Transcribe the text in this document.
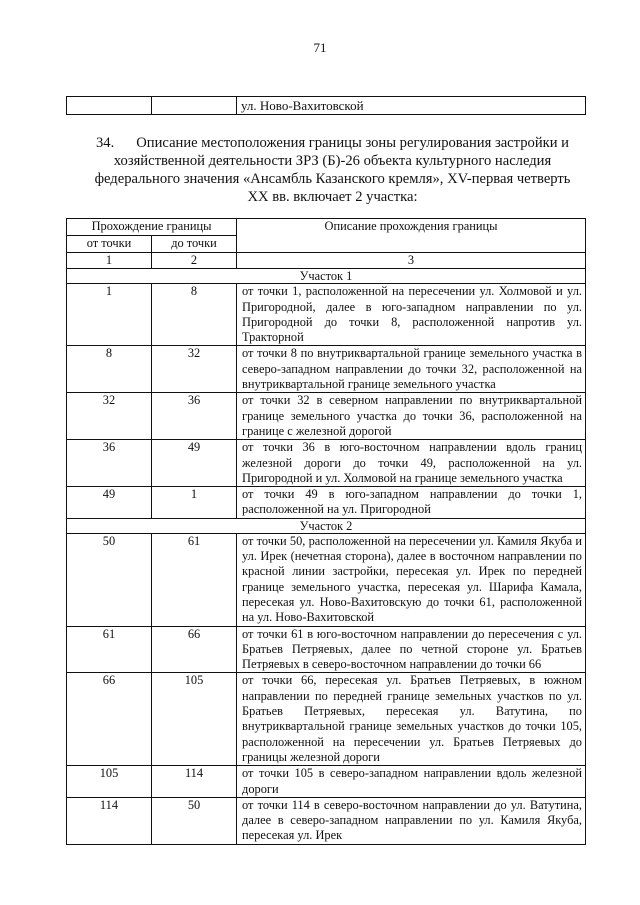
71
		ул. Ново-Вахитовской
34. Описание местоположения границы зоны регулирования застройки и
хозяйственной деятельности ЗРЗ (Б)-26 объекта культурного наследия
федерального значения «Ансамбль Казанского кремля», XV-первая четверть
XX вв. включает 2 участка:
Прохождение границы		Описание прохождения границы
от точки	до точки	
1	2	3
Участок 1		
1	8	от точки 1, расположенной на пересечении ул. Холмовой и ул. Пригородной, далее в юго-западном направлении по ул. Пригородной до точки 8, расположенной напротив ул. Тракторной
8	32	от точки 8 по внутриквартальной границе земельного участка в северо-западном направлении до точки 32, расположенной на внутриквартальной границе земельного участка
32	36	от точки 32 в северном направлении по внутриквартальной границе земельного участка до точки 36, расположенной на границе с железной дорогой
36	49	от точки 36 в юго-восточном направлении вдоль границ железной дороги до точки 49, расположенной на ул. Пригородной и ул. Холмовой на границе земельного участка
49	1	от точки 49 в юго-западном направлении до точки 1, расположенной на ул. Пригородной
Участок 2		
50	61	от точки 50, расположенной на пересечении ул. Камиля Якуба и ул. Ирек (нечетная сторона), далее в восточном направлении по красной линии застройки, пересекая ул. Ирек по передней границе земельного участка, пересекая ул. Шарифа Камала, пересекая ул. Ново-Вахитовскую до точки 61, расположенной на ул. Ново-Вахитовской
61	66	от точки 61 в юго-восточном направлении до пересечения с ул. Братьев Петряевых, далее по четной стороне ул. Братьев Петряевых в северо-восточном направлении до точки 66
66	105	от точки 66, пересекая ул. Братьев Петряевых, в южном направлении по передней границе земельных участков по ул. Братьев Петряевых, пересекая ул. Ватутина, по внутриквартальной границе земельных участков до точки 105, расположенной на пересечении ул. Братьев Петряевых до границы железной дороги
105	114	от точки 105 в северо-западном направлении вдоль железной дороги
114	50	от точки 114 в северо-восточном направлении до ул. Ватутина, далее в северо-западном направлении по ул. Камиля Якуба, пересекая ул. Ирек
